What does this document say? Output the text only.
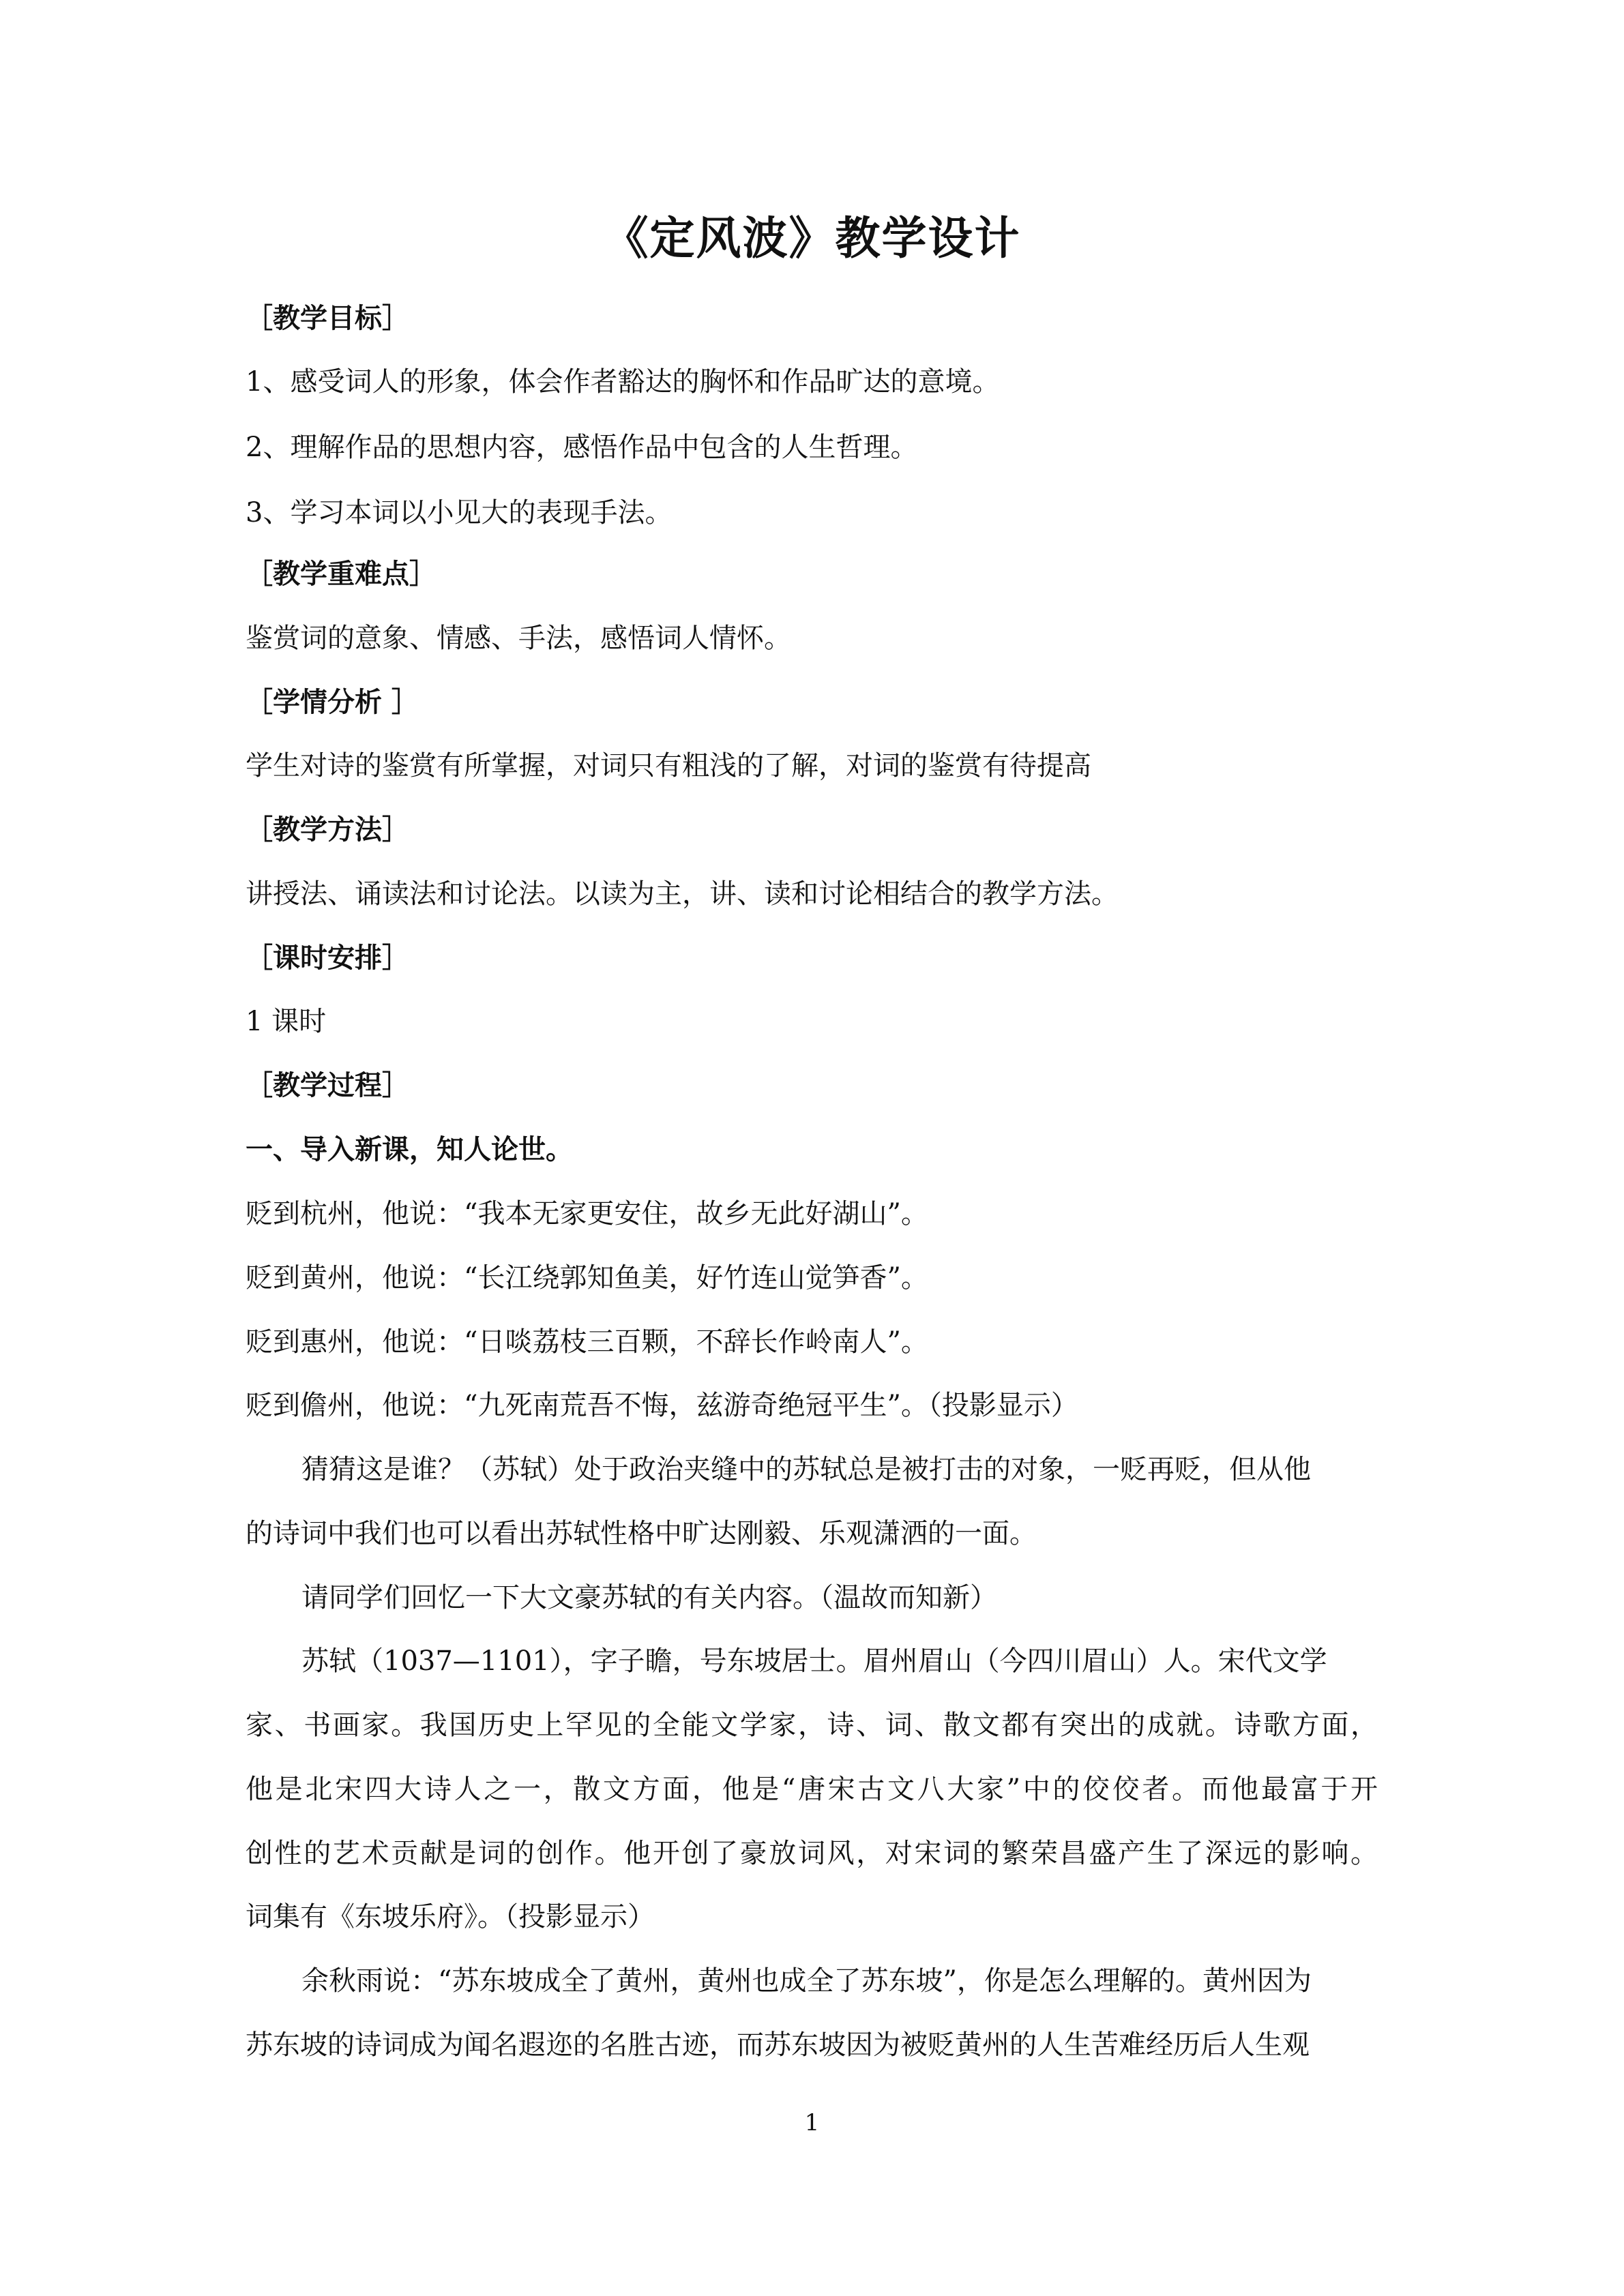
《定风波》教学设计
［教学目标］
1、感受词人的形象，体会作者豁达的胸怀和作品旷达的意境。
2、理解作品的思想内容，感悟作品中包含的人生哲理。
3、学习本词以小见大的表现手法。
［教学重难点］
鉴赏词的意象、情感、手法，感悟词人情怀。
［学情分析 ］
学生对诗的鉴赏有所掌握，对词只有粗浅的了解，对词的鉴赏有待提高
［教学方法］
讲授法、诵读法和讨论法。以读为主，讲、读和讨论相结合的教学方法。
［课时安排］
1 课时
［教学过程］
一、导入新课，知人论世。
贬到杭州，他说：“我本无家更安住，故乡无此好湖山”。
贬到黄州，他说：“长江绕郭知鱼美，好竹连山觉笋香”。
贬到惠州，他说：“日啖荔枝三百颗，不辞长作岭南人”。
贬到儋州，他说：“九死南荒吾不悔，兹游奇绝冠平生”。（投影显示）
猜猜这是谁？（苏轼）处于政治夹缝中的苏轼总是被打击的对象，一贬再贬，但从他
的诗词中我们也可以看出苏轼性格中旷达刚毅、乐观潇洒的一面。
请同学们回忆一下大文豪苏轼的有关内容。（温故而知新）
苏轼（1037—1101），字子瞻，号东坡居士。眉州眉山（今四川眉山）人。宋代文学
家、书画家。我国历史上罕见的全能文学家，诗、词、散文都有突出的成就。诗歌方面，
他是北宋四大诗人之一，散文方面，他是“唐宋古文八大家”中的佼佼者。而他最富于开
创性的艺术贡献是词的创作。他开创了豪放词风，对宋词的繁荣昌盛产生了深远的影响。
词集有《东坡乐府》。（投影显示）
余秋雨说：“苏东坡成全了黄州，黄州也成全了苏东坡”，你是怎么理解的。黄州因为
苏东坡的诗词成为闻名遐迩的名胜古迹，而苏东坡因为被贬黄州的人生苦难经历后人生观
1
